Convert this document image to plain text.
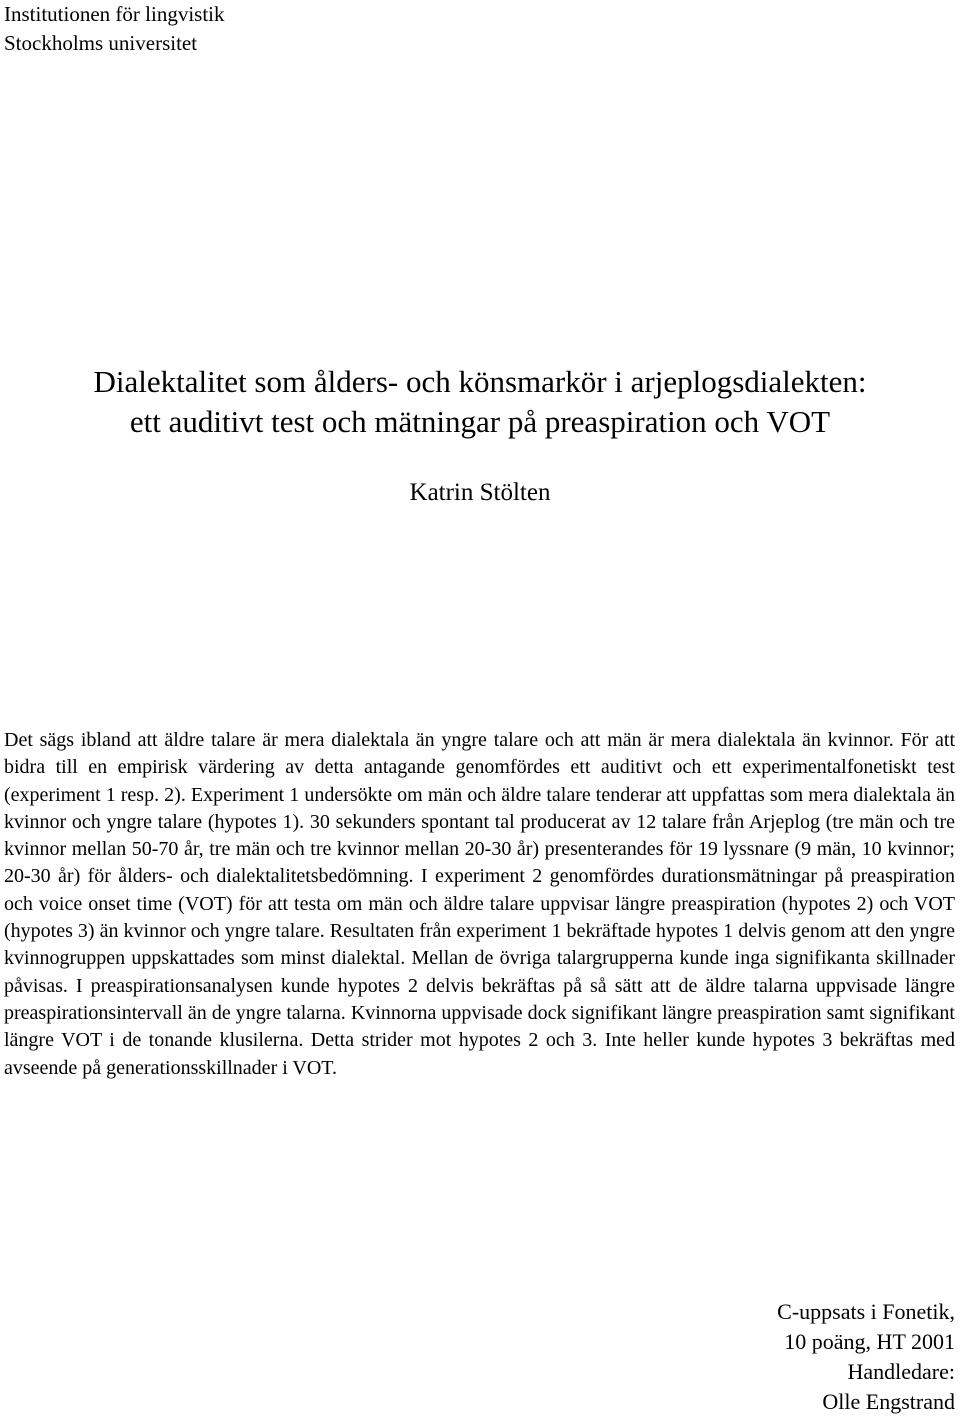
Institutionen för lingvistik
Stockholms universitet
Dialektalitet som ålders- och könsmarkör i arjeplogsdialekten:
ett auditivt test och mätningar på preaspiration och VOT
Katrin Stölten

Det sägs ibland att äldre talare är mera dialektala än yngre talare och att män är mera dialektala än kvinnor. För att bidra till en empirisk värdering av detta antagande genomfördes ett auditivt och ett experimentalfonetiskt test (experiment 1 resp. 2). Experiment 1 undersökte om män och äldre talare tenderar att uppfattas som mera dialektala än kvinnor och yngre talare (hypotes 1). 30 sekunders spontant tal producerat av 12 talare från Arjeplog (tre män och tre kvinnor mellan 50-70 år, tre män och tre kvinnor mellan 20-30 år) presenterandes för 19 lyssnare (9 män, 10 kvinnor; 20-30 år) för ålders- och dialektalitetsbedömning. I experiment 2 genomfördes durationsmätningar på preaspiration och voice onset time (VOT) för att testa om män och äldre talare uppvisar längre preaspiration (hypotes 2) och VOT (hypotes 3) än kvinnor och yngre talare. Resultaten från experiment 1 bekräftade hypotes 1 delvis genom att den yngre kvinnogruppen uppskattades som minst dialektal. Mellan de övriga talargrupperna kunde inga signifikanta skillnader påvisas. I preaspirationsanalysen kunde hypotes 2 delvis bekräftas på så sätt att de äldre talarna uppvisade längre preaspirationsintervall än de yngre talarna. Kvinnorna uppvisade dock signifikant längre preaspiration samt signifikant längre VOT i de tonande klusilerna. Detta strider mot hypotes 2 och 3. Inte heller kunde hypotes 3 bekräftas med avseende på generationsskillnader i VOT.

C-uppsats i Fonetik,
10 poäng, HT 2001
Handledare:
Olle Engstrand
